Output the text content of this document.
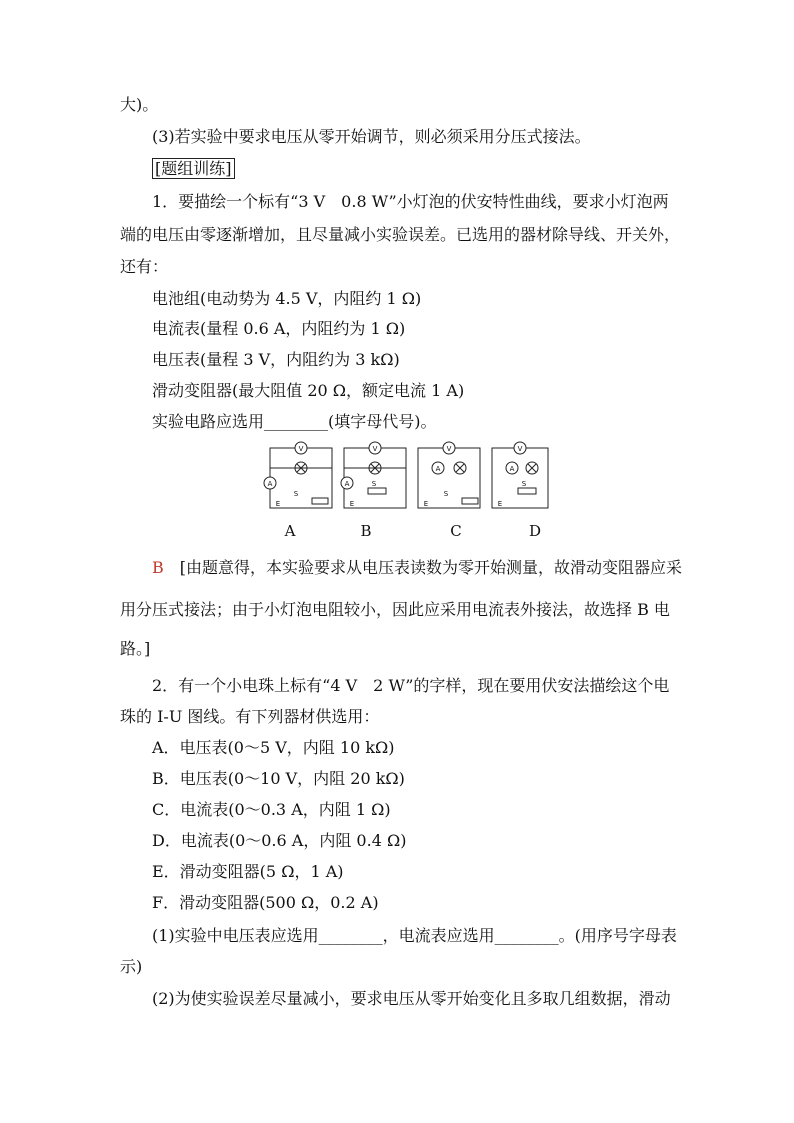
大)。
(3)若实验中要求电压从零开始调节，则必须采用分压式接法。
[题组训练]
1．要描绘一个标有“3 V　0.8 W”小灯泡的伏安特性曲线，要求小灯泡两
端的电压由零逐渐增加，且尽量减小实验误差。已选用的器材除导线、开关外，
还有：
电池组(电动势为 4.5 V，内阻约 1 Ω)
电流表(量程 0.6 A，内阻约为 1 Ω)
电压表(量程 3 V，内阻约为 3 kΩ)
滑动变阻器(最大阻值 20 Ω，额定电流 1 A)
实验电路应选用________(填字母代号)。
V
A
E
S
V
A
E
S
V
A
E
S
V
A
E
S
A	B	C	D
B　 [由题意得，本实验要求从电压表读数为零开始测量，故滑动变阻器应采
用分压式接法；由于小灯泡电阻较小，因此应采用电流表外接法，故选择 B 电
路。]
2．有一个小电珠上标有“4 V　2 W”的字样，现在要用伏安法描绘这个电
珠的 I-U 图线。有下列器材供选用：
A．电压表(0～5 V，内阻 10 kΩ)
B．电压表(0～10 V，内阻 20 kΩ)
C．电流表(0～0.3 A，内阻 1 Ω)
D．电流表(0～0.6 A，内阻 0.4 Ω)
E．滑动变阻器(5 Ω，1 A)
F．滑动变阻器(500 Ω，0.2 A)
(1)实验中电压表应选用________，电流表应选用________。(用序号字母表
示)
(2)为使实验误差尽量减小，要求电压从零开始变化且多取几组数据，滑动
